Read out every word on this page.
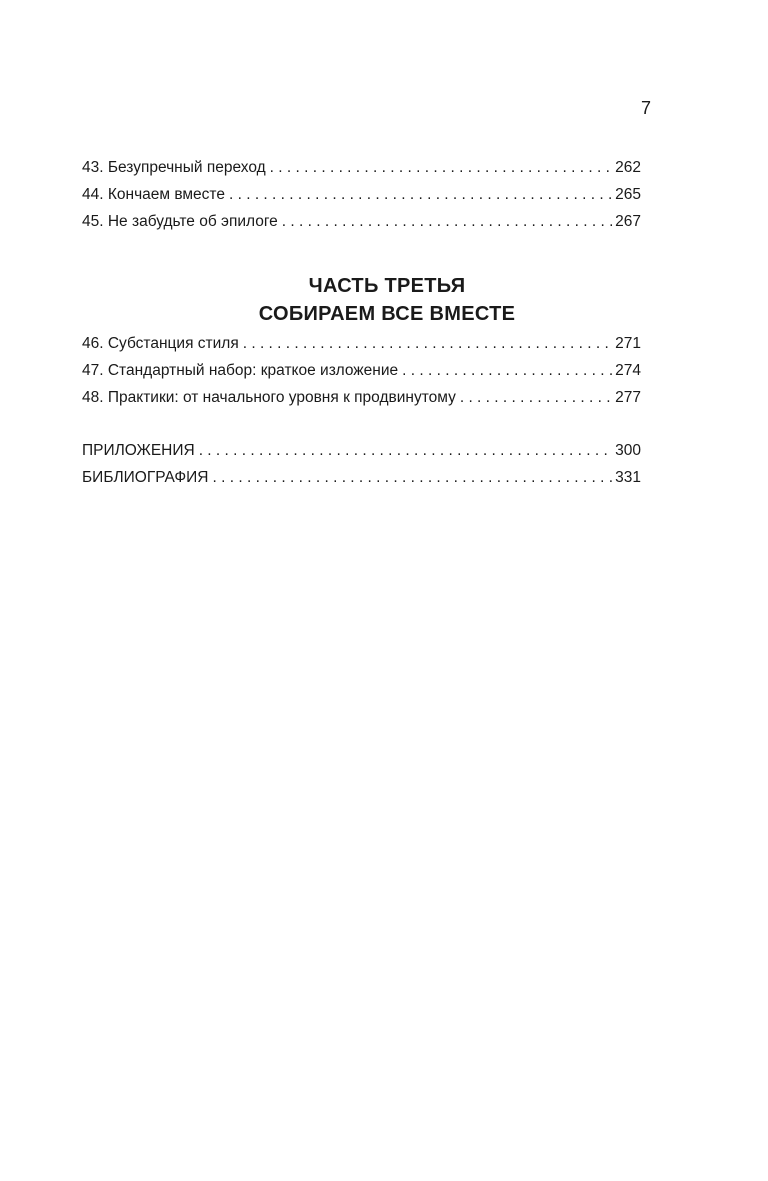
7
43. Безупречный переход . . .	262
44. Кончаем вместе . . .	265
45. Не забудьте об эпилоге . . .	267
ЧАСТЬ ТРЕТЬЯ
СОБИРАЕМ ВСЕ ВМЕСТЕ
46. Субстанция стиля . . .	271
47. Стандартный набор: краткое изложение . . .	274
48. Практики: от начального уровня к продвинутому . . .	277
ПРИЛОЖЕНИЯ . . .	300
БИБЛИОГРАФИЯ . . .	331
